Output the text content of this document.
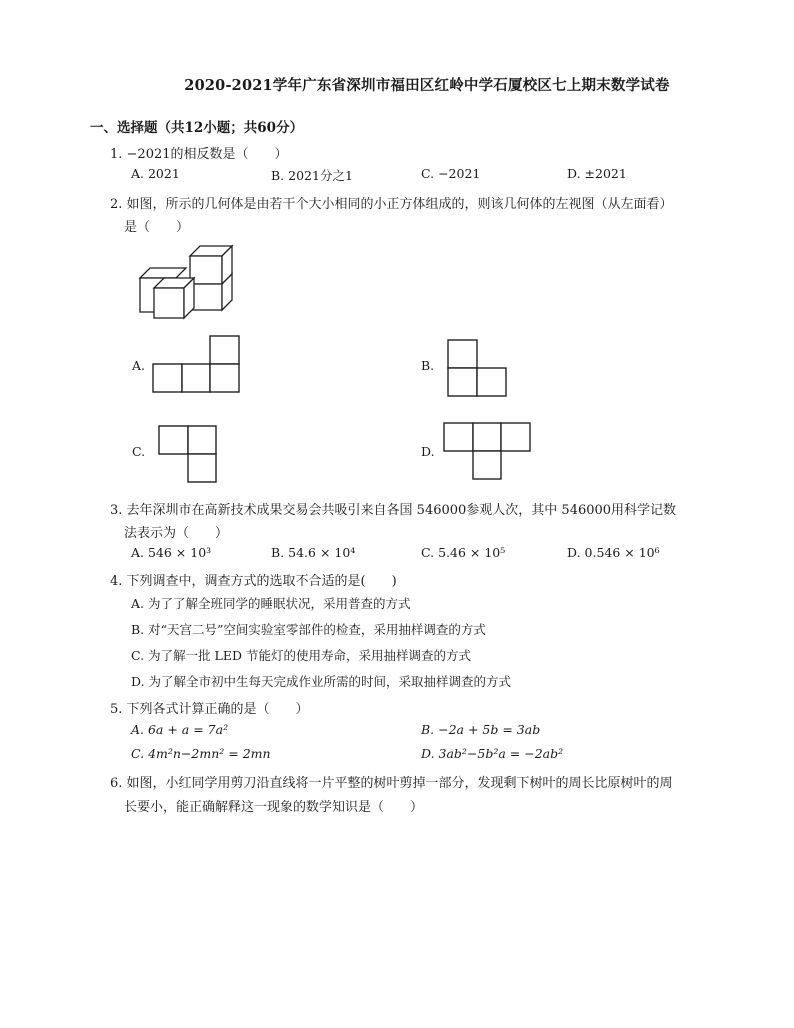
2020-2021学年广东省深圳市福田区红岭中学石厦校区七上期末数学试卷
一、选择题（共12小题；共60分）
1. −2021的相反数是（　　）
A. 2021	B. 2021分之1	C. −2021	D. ±2021
2. 如图，所示的几何体是由若干个大小相同的小正方体组成的，则该几何体的左视图（从左面看）
是（　　）
A.	B.
C.	D.
3. 去年深圳市在高新技术成果交易会共吸引来自各国 546000参观人次，其中 546000用科学记数
法表示为（　　）
A. 546 × 10³	B. 54.6 × 10⁴	C. 5.46 × 10⁵	D. 0.546 × 10⁶
4. 下列调查中，调查方式的选取不合适的是(　　)
A. 为了了解全班同学的睡眠状况，采用普查的方式
B. 对“天宫二号”空间实验室零部件的检查，采用抽样调查的方式
C. 为了解一批 LED 节能灯的使用寿命，采用抽样调查的方式
D. 为了解全市初中生每天完成作业所需的时间，采取抽样调查的方式
5. 下列各式计算正确的是（　　）
A. 6a + a = 7a²	B. −2a + 5b = 3ab
C. 4m²n−2mn² = 2mn	D. 3ab²−5b²a = −2ab²
6. 如图，小红同学用剪刀沿直线将一片平整的树叶剪掉一部分，发现剩下树叶的周长比原树叶的周
长要小，能正确解释这一现象的数学知识是（　　）
